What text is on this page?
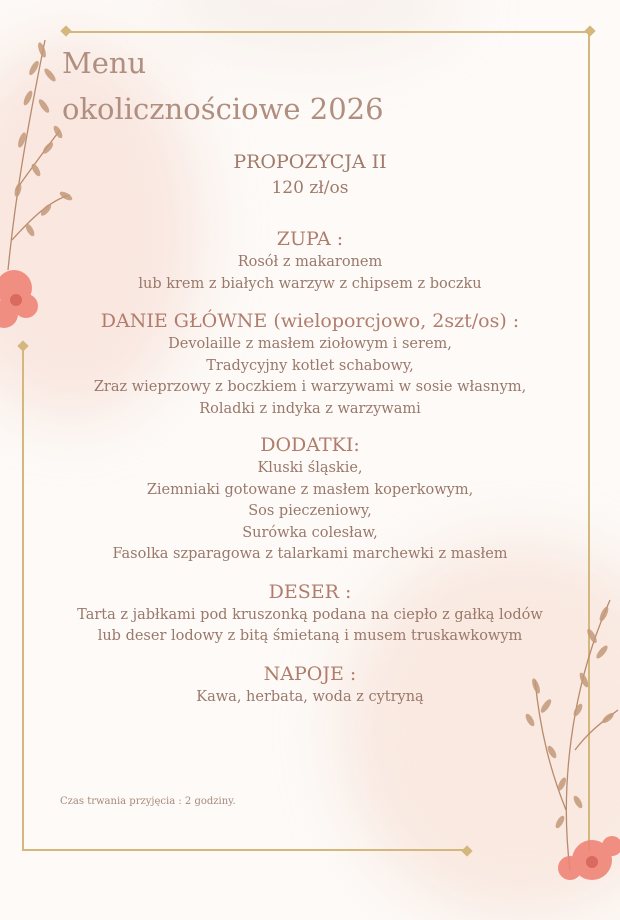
Menu
okolicznościowe 2026
PROPOZYCJA II
120 zł/os
ZUPA :
Rosół z makaronem
lub krem z białych warzyw z chipsem z boczku
DANIE GŁÓWNE (wieloporcjowo, 2szt/os) :
Devolaille z masłem ziołowym i serem,
Tradycyjny kotlet schabowy,
Zraz wieprzowy z boczkiem i warzywami w sosie własnym,
Roladki z indyka z warzywami
DODATKI:
Kluski śląskie,
Ziemniaki gotowane z masłem koperkowym,
Sos pieczeniowy,
Surówka colesław,
Fasolka szparagowa z talarkami marchewki z masłem
DESER :
Tarta z jabłkami pod kruszonką podana na ciepło z gałką lodów
lub deser lodowy z bitą śmietaną i musem truskawkowym
NAPOJE :
Kawa, herbata, woda z cytryną
Czas trwania przyjęcia : 2 godziny.
